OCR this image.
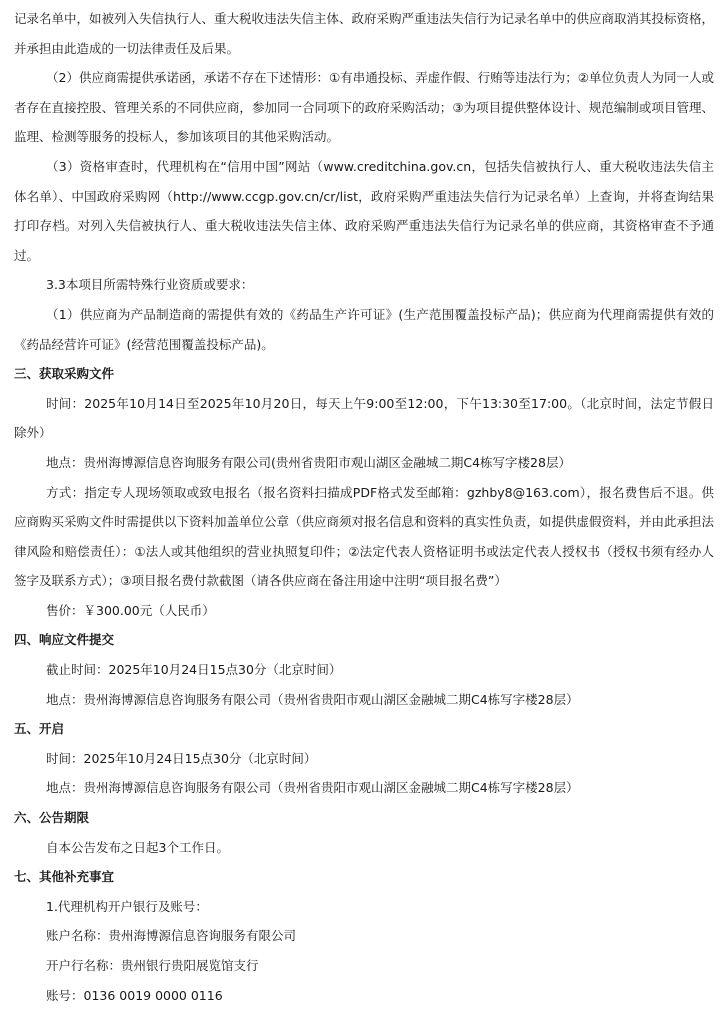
记录名单中，如被列入失信执行人、重大税收违法失信主体、政府采购严重违法失信行为记录名单中的供应商取消其投标资格，并承担由此造成的一切法律责任及后果。

（2）供应商需提供承诺函，承诺不存在下述情形：①有串通投标、弄虚作假、行贿等违法行为；②单位负责人为同一人或者存在直接控股、管理关系的不同供应商，参加同一合同项下的政府采购活动；③为项目提供整体设计、规范编制或项目管理、监理、检测等服务的投标人，参加该项目的其他采购活动。

（3）资格审查时，代理机构在“信用中国”网站（www.creditchina.gov.cn，包括失信被执行人、重大税收违法失信主体名单）、中国政府采购网（http://www.ccgp.gov.cn/cr/list，政府采购严重违法失信行为记录名单）上查询，并将查询结果打印存档。对列入失信被执行人、重大税收违法失信主体、政府采购严重违法失信行为记录名单的供应商，其资格审查不予通过。

3.3本项目所需特殊行业资质或要求：

（1）供应商为产品制造商的需提供有效的《药品生产许可证》(生产范围覆盖投标产品)；供应商为代理商需提供有效的《药品经营许可证》(经营范围覆盖投标产品)。

三、获取采购文件

时间：2025年10月14日至2025年10月20日，每天上午9:00至12:00，下午13:30至17:00。（北京时间，法定节假日除外）

地点：贵州海博源信息咨询服务有限公司(贵州省贵阳市观山湖区金融城二期C4栋写字楼28层）

方式：指定专人现场领取或致电报名（报名资料扫描成PDF格式发至邮箱：gzhby8@163.com），报名费售后不退。供应商购买采购文件时需提供以下资料加盖单位公章（供应商须对报名信息和资料的真实性负责，如提供虚假资料，并由此承担法律风险和赔偿责任）：①法人或其他组织的营业执照复印件；②法定代表人资格证明书或法定代表人授权书（授权书须有经办人签字及联系方式）；③项目报名费付款截图（请各供应商在备注用途中注明“项目报名费”）

售价：￥300.00元（人民币）
四、响应文件提交
截止时间：2025年10月24日15点30分（北京时间）
地点：贵州海博源信息咨询服务有限公司（贵州省贵阳市观山湖区金融城二期C4栋写字楼28层）
五、开启
时间：2025年10月24日15点30分（北京时间）
地点：贵州海博源信息咨询服务有限公司（贵州省贵阳市观山湖区金融城二期C4栋写字楼28层）
六、公告期限
自本公告发布之日起3个工作日。
七、其他补充事宜
1.代理机构开户银行及账号：
账户名称：贵州海博源信息咨询服务有限公司
开户行名称：贵州银行贵阳展览馆支行
账号：0136 0019 0000 0116
